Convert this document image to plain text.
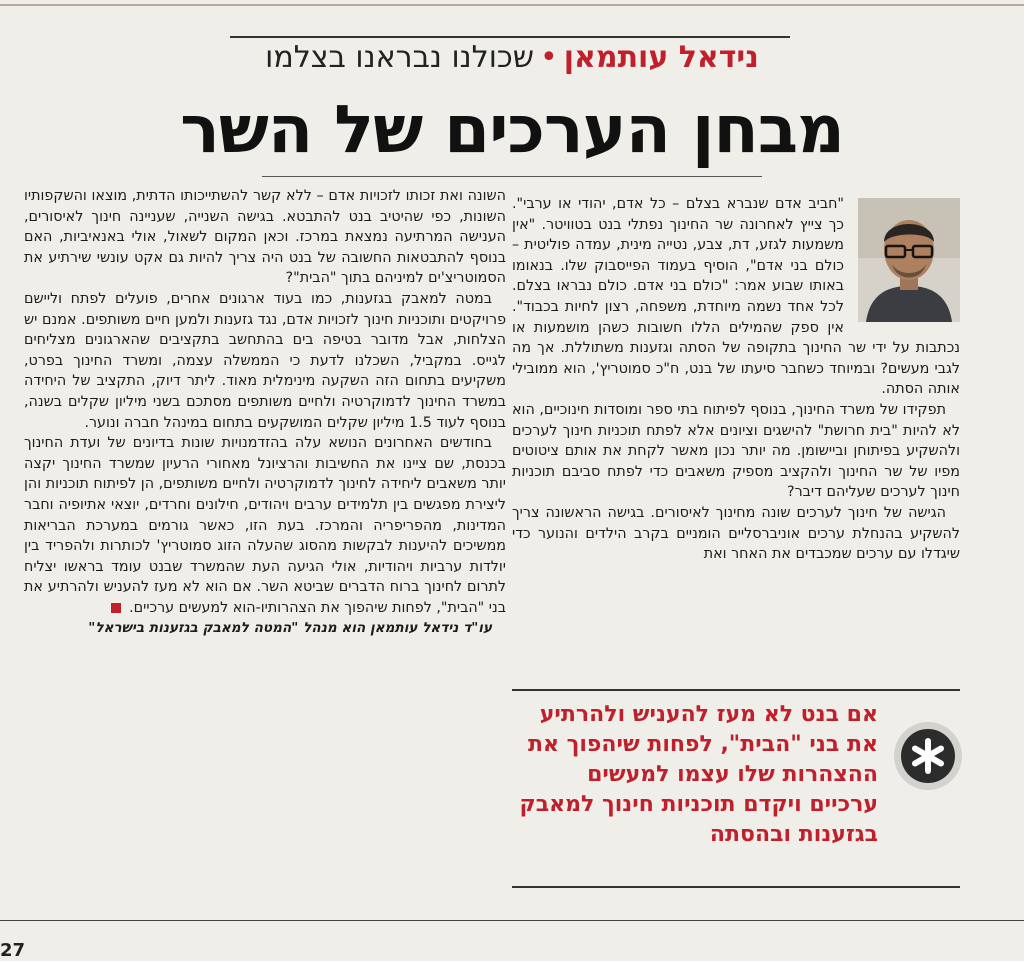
נידאל עותמאן•שכולנו נבראנו בצלמו
מבחן הערכים של השר

"חביב אדם שנברא בצלם – כל אדם, יהודי או ערבי". כך צייץ לאחרונה שר החינוך נפתלי בנט בטוויטר. "אין משמעות לגזע, דת, צבע, נטייה מינית, עמדה פוליטית – כולם בני אדם", הוסיף בעמוד הפייסבוק שלו. בנאומו באותו שבוע אמר: "כולם בני אדם. כולם נבראו בצלם. לכל אחד נשמה מיוחדת, משפחה, רצון לחיות בכבוד". אין ספק שהמילים הללו חשובות כשהן מושמעות או נכתבות על ידי שר החינוך בתקופה של הסתה וגזענות משתוללת. אך מה לגבי מעשים? ובמיוחד כשחבר סיעתו של בנט, ח"כ סמוטריץ', הוא ממובילי אותה הסתה.

תפקידו של משרד החינוך, בנוסף לפיתוח בתי ספר ומוסדות חינוכיים, הוא לא להיות "בית חרושת" להישגים וציונים אלא לפתח תוכניות חינוך לערכים ולהשקיע בפיתוחן וביישומן. מה יותר נכון מאשר לקחת את אותם ציטוטים מפיו של שר החינוך ולהקציב מספיק משאבים כדי לפתח סביבם תוכניות חינוך לערכים שעליהם דיבר?

הגישה של חינוך לערכים שונה מחינוך לאיסורים. בגישה הראשונה צריך להשקיע בהנחלת ערכים אוניברסליים הומניים בקרב הילדים והנוער כדי שיגדלו עם ערכים שמכבדים את האחר ואת

השונה ואת זכותו לזכויות אדם – ללא קשר להשתייכותו הדתית, מוצאו והשקפותיו השונות, כפי שהיטיב בנט להתבטא. בגישה השנייה, שעניינה חינוך לאיסורים, הענישה המרתיעה נמצאת במרכז. וכאן המקום לשאול, אולי באנאיביות, האם בנוסף להתבטאות החשובה של בנט היה צריך להיות גם אקט עונשי שירתיע את הסמוטריצ'ים למיניהם בתוך "הבית"?

במטה למאבק בגזענות, כמו בעוד ארגונים אחרים, פועלים לפתח וליישם פרויקטים ותוכניות חינוך לזכויות אדם, נגד גזענות ולמען חיים משותפים. אמנם יש הצלחות, אבל מדובר בטיפה בים בהתחשב בתקציבים שהארגונים מצליחים לגייס. במקביל, השכלנו לדעת כי הממשלה עצמה, ומשרד החינוך בפרט, משקיעים בתחום הזה השקעה מינימלית מאוד. ליתר דיוק, התקציב של היחידה במשרד החינוך לדמוקרטיה ולחיים משותפים מסתכם בשני מיליון שקלים בשנה, בנוסף לעוד 1.5 מיליון שקלים המושקעים בתחום במינהל חברה ונוער.

בחודשים האחרונים הנושא עלה בהזדמנויות שונות בדיונים של ועדת החינוך בכנסת, שם ציינו את החשיבות והרציונל מאחורי הרעיון שמשרד החינוך יקצה יותר משאבים ליחידה לחינוך לדמוקרטיה ולחיים משותפים, הן לפיתוח תוכניות והן ליצירת מפגשים בין תלמידים ערבים ויהודים, חילונים וחרדים, יוצאי אתיופיה וחבר המדינות, מהפריפריה והמרכז. בעת הזו, כאשר גורמים במערכת הבריאות ממשיכים להיענות לבקשות מהסוג שהעלה הזוג סמוטריץ' לכותרות ולהפריד בין יולדות ערביות ויהודיות, אולי הגיעה העת שהמשרד שבנט עומד בראשו יצליח לתרום לחינוך ברוח הדברים שביטא השר. אם הוא לא מעז להעניש ולהרתיע את בני "הבית", לפחות שיהפוך את הצהרותיו-הוא למעשים ערכיים.

עו"ד נידאל עותמאן הוא מנהל "המטה למאבק בגזענות בישראל"

אם בנט לא מעז להעניש ולהרתיע את בני "הבית", לפחות שיהפוך את ההצהרות שלו עצמו למעשים ערכיים ויקדם תוכניות חינוך למאבק בגזענות ובהסתה
27
